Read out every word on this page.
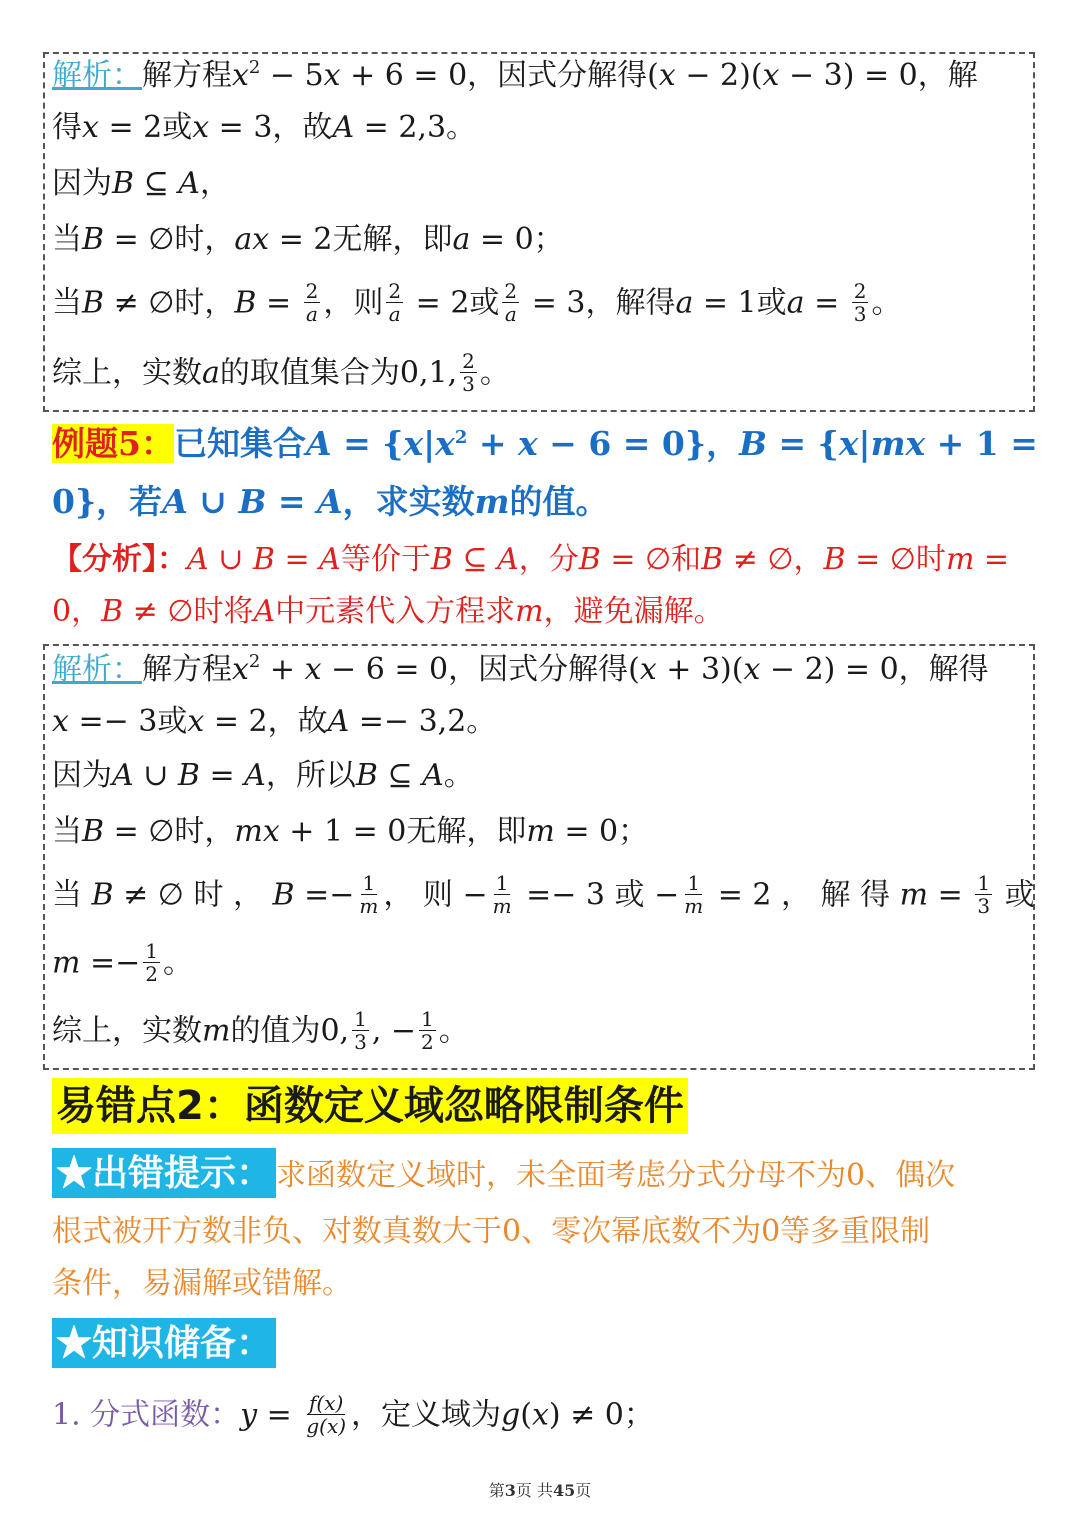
解析：解方程$x^2 - 5x + 6 = 0$，因式分解得(x − 2)(x − 3) = 0，解
得x = 2或x = 3，故A = 2,3。
因为B ⊆ A，
当B = ∅时，ax = 2无解，即a = 0；
当B ≠ ∅时，$B = \frac{2}{a}$ ，则 $\frac{2}{a} = 2$或 $\frac{2}{a} = 3$，解得a = 1或$a = \frac{2}{3}$ 。
综上，实数a的取值集合为0,1, $\frac{2}{3}$ 。
例题5：已知集合$A = \{x|x^2 + x - 6 = 0\}$，B = {x|mx + 1 =
0}，若A ∪ B = A，求实数m的值。
【分析】：A ∪ B = A等价于B ⊆ A，分B = ∅和B ≠ ∅，B = ∅时m =
0，B ≠ ∅时将A中元素代入方程求m，避免漏解。
解析：解方程$x^2 + x - 6 = 0$，因式分解得(x + 3)(x − 2) = 0，解得
x =− 3或x = 2，故A =− 3,2。
因为A ∪ B = A，所以B ⊆ A。
当B = ∅时，mx + 1 = 0无解，即m = 0；
当 B ≠ ∅ 时 ， $B =- \frac{1}{m}$ ， 则 − $\frac{1}{m} =- 3$ 或 − $\frac{1}{m} = 2$ ， 解 得 $m = \frac{1}{3}$ 或
$m =- \frac{1}{2}$ 。
综上，实数m的值为0, $\frac{1}{3}$ , − $\frac{1}{2}$ 。
易错点2：函数定义域忽略限制条件
★出错提示： 求函数定义域时，未全面考虑分式分母不为0、偶次
根式被开方数非负、对数真数大于0、零次幂底数不为0等多重限制
条件，易漏解或错解。
★知识储备：
1. 分式函数：$y = \frac{f(x)}{g(x)}$ ，定义域为g(x) ≠ 0；
第3页 共45页
